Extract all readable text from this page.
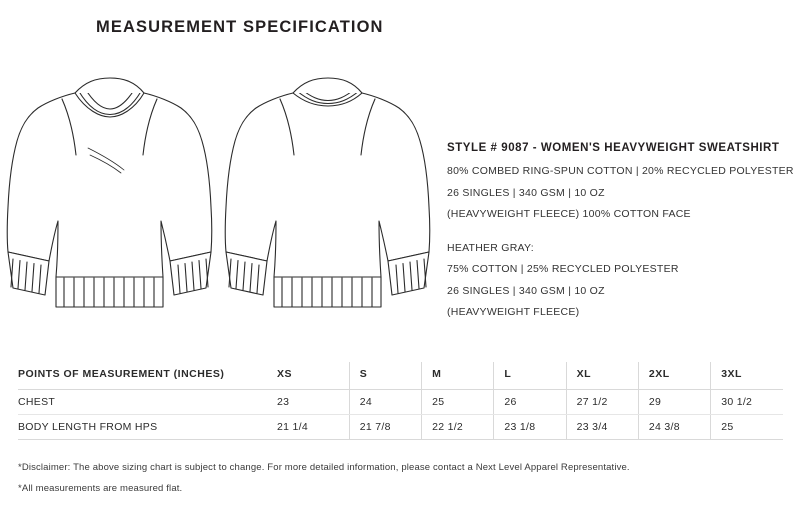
MEASUREMENT SPECIFICATION
STYLE # 9087 - WOMEN'S HEAVYWEIGHT SWEATSHIRT
80% COMBED RING-SPUN COTTON | 20% RECYCLED POLYESTER
26 SINGLES | 340 GSM | 10 OZ
(HEAVYWEIGHT FLEECE) 100% COTTON FACE
HEATHER GRAY:
75% COTTON | 25% RECYCLED POLYESTER
26 SINGLES | 340 GSM | 10 OZ
(HEAVYWEIGHT FLEECE)
POINTS OF MEASUREMENT (INCHES)	XS	S	M	L	XL	2XL	3XL
CHEST	23	24	25	26	27 1/2	29	30 1/2
BODY LENGTH FROM HPS	21 1/4	21 7/8	22 1/2	23 1/8	23 3/4	24 3/8	25
*Disclaimer: The above sizing chart is subject to change. For more detailed information, please contact a Next Level Apparel Representative.
*All measurements are measured flat.
